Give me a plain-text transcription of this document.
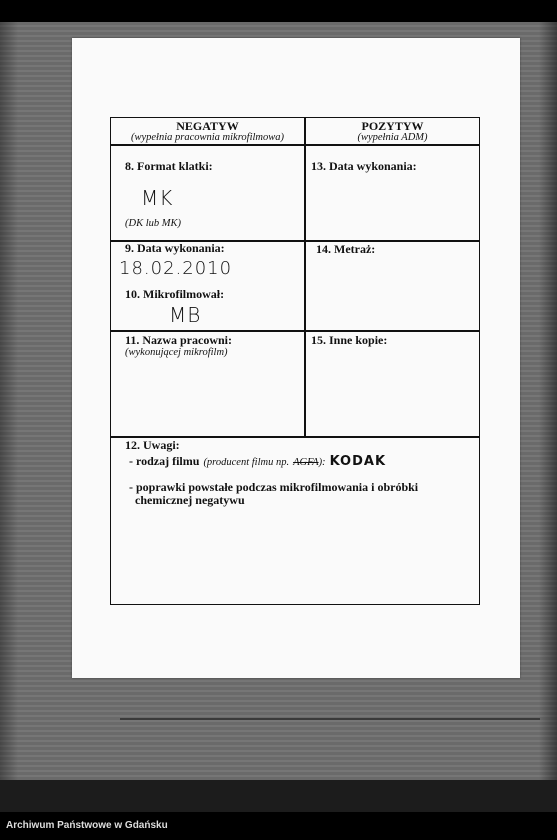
NEGATYW
(wypełnia pracownia mikrofilmowa)
POZYTYW
(wypełnia ADM)
8. Format klatki:
MK
(DK lub MK)
13. Data wykonania:
9. Data wykonania:
18.02.2010
10. Mikrofilmował:
MB
14. Metraż:
11. Nazwa pracowni:
(wykonującej mikrofilm)
15. Inne kopie:
12. Uwagi:
- rodzaj filmu (producent filmu np. AGFA): KODAK
- poprawki powstałe podczas mikrofilmowania i obróbki
chemicznej negatywu
Archiwum Państwowe w Gdańsku
